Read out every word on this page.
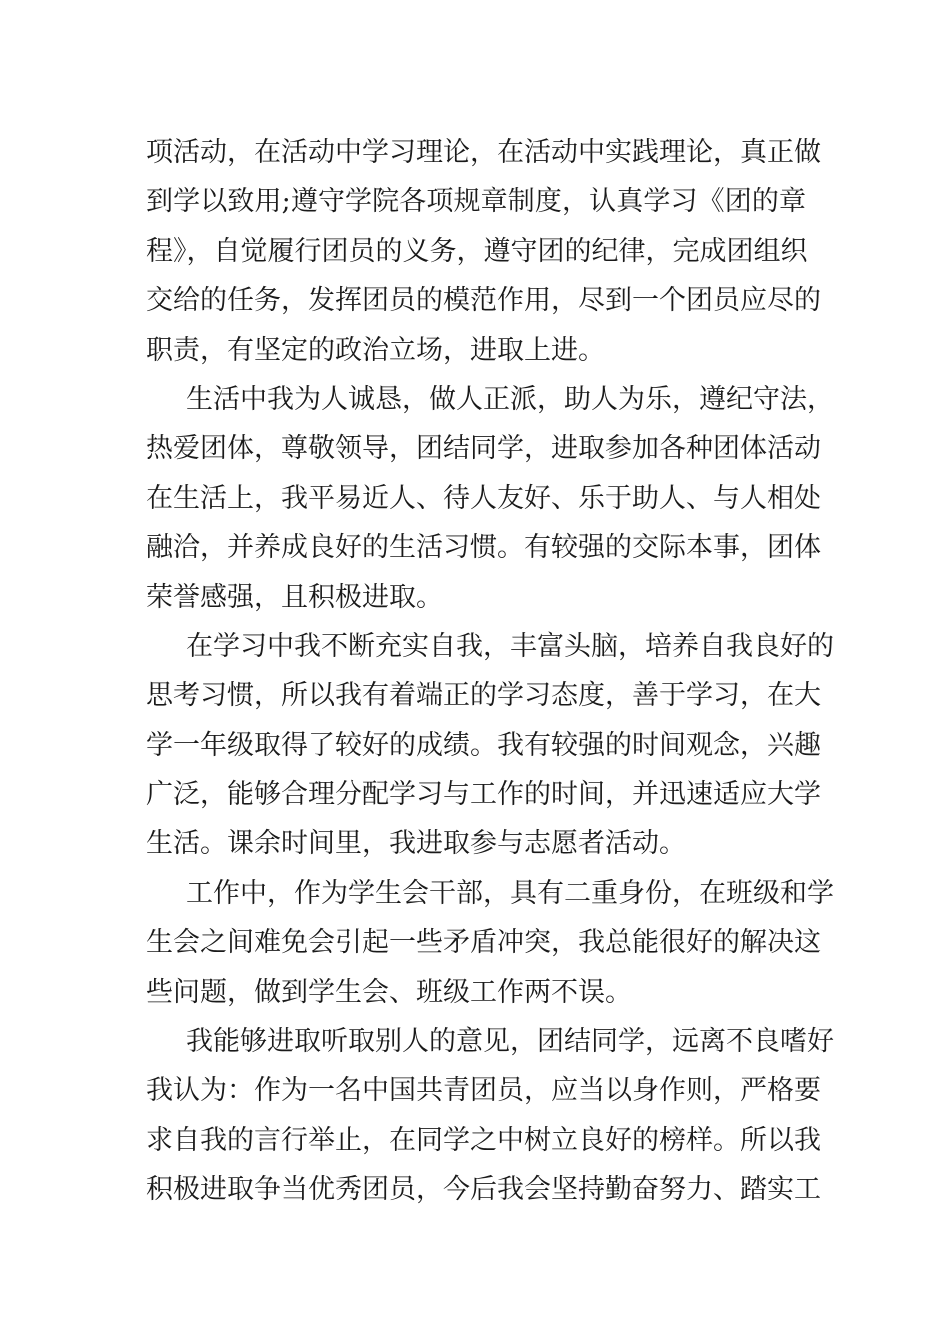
项活动，在活动中学习理论，在活动中实践理论，真正做
到学以致用;遵守学院各项规章制度，认真学习《团的章
程》，自觉履行团员的义务，遵守团的纪律，完成团组织
交给的任务，发挥团员的模范作用，尽到一个团员应尽的
职责，有坚定的政治立场，进取上进。
生活中我为人诚恳，做人正派，助人为乐，遵纪守法，
热爱团体，尊敬领导，团结同学，进取参加各种团体活动
在生活上，我平易近人、待人友好、乐于助人、与人相处
融洽，并养成良好的生活习惯。有较强的交际本事，团体
荣誉感强，且积极进取。
在学习中我不断充实自我，丰富头脑，培养自我良好的
思考习惯，所以我有着端正的学习态度，善于学习，在大
学一年级取得了较好的成绩。我有较强的时间观念，兴趣
广泛，能够合理分配学习与工作的时间，并迅速适应大学
生活。课余时间里，我进取参与志愿者活动。
工作中，作为学生会干部，具有二重身份，在班级和学
生会之间难免会引起一些矛盾冲突，我总能很好的解决这
些问题，做到学生会、班级工作两不误。
我能够进取听取别人的意见，团结同学，远离不良嗜好
我认为：作为一名中国共青团员，应当以身作则，严格要
求自我的言行举止，在同学之中树立良好的榜样。所以我
积极进取争当优秀团员，今后我会坚持勤奋努力、踏实工
